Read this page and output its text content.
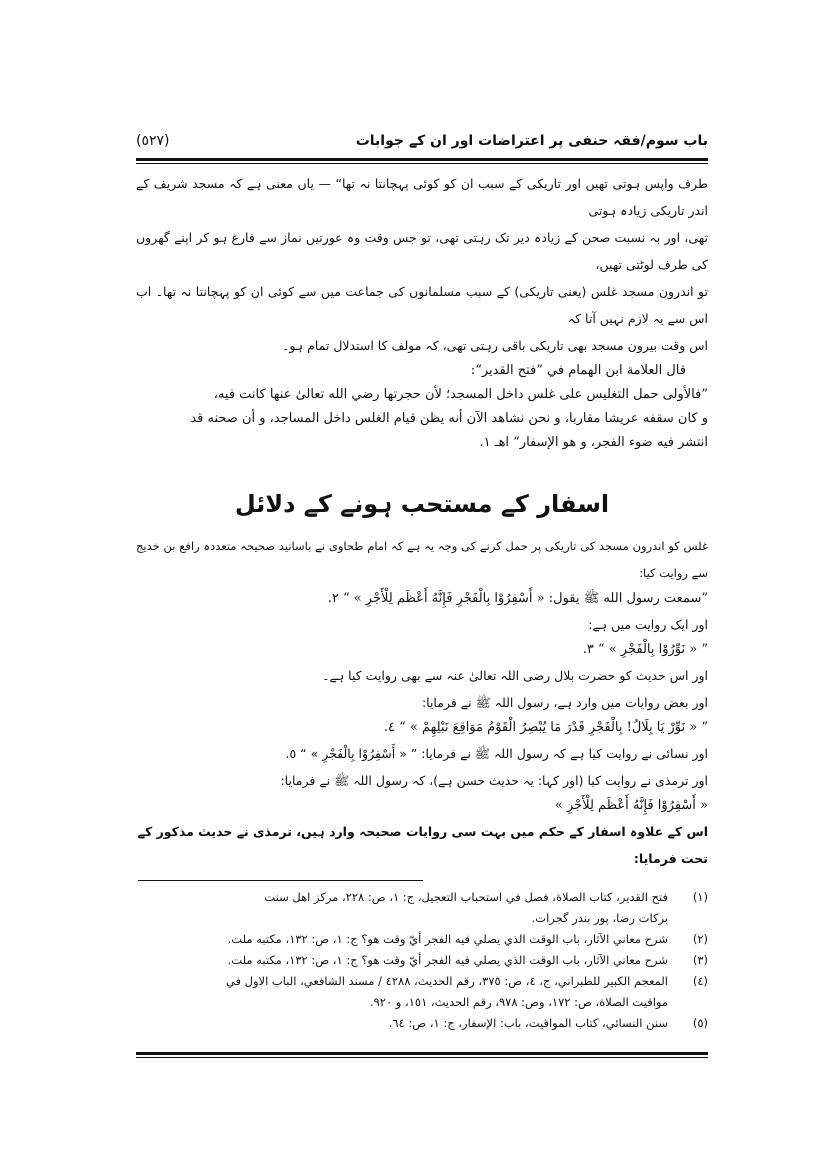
باب سوم/فقہ حنفی پر اعتراضات اور ان کے جوابات
(٥٢٧)
طرف واپس ہوتی تھیں اور تاریکی کے سبب ان کو کوئی پہچانتا نہ تھا“ — یاں معنی ہے کہ مسجد شریف کے اندر تاریکی زیادہ ہوتی
تھی، اور بہ نسبت صحن کے زیادہ دیر تک رہتی تھی، تو جس وقت وہ عورتیں نماز سے فارغ ہو کر اپنے گھروں کی طرف لوٹتی تھیں،
تو اندرون مسجد غلس (یعنی تاریکی) کے سبب مسلمانوں کی جماعت میں سے کوئی ان کو پہچانتا نہ تھا۔ اب اس سے یہ لازم نہیں آتا کہ
اس وقت بیرون مسجد بھی تاریکی باقی رہتی تھی، کہ مولف کا استدلال تمام ہو۔
قال العلامة ابن الهمام في ”فتح القدير“:
”فالأولى حمل التغليس على غلس داخل المسجد؛ لأن حجرتها رضي الله تعالىٰ عنها كانت فيه،
و كان سقفه عريشا مقاربا، و نحن نشاهد الآن أنه يظن قيام الغلس داخل المساجد، و أن صحنه قد
انتشر فيه ضوء الفجر، و هو الإسفار“ اهـ ١.
اسفار کے مستحب ہونے کے دلائل
غلس کو اندرون مسجد کی تاریکی پر حمل کرنے کی وجہ یہ ہے کہ امام طحاوی نے باسانید صحیحہ متعددہ رافع بن خدیج سے روایت کیا:
”سمعت رسول الله ﷺ يقول: « أَسْفِرُوْا بِالْفَجْرِ فَإِنَّهُ أَعْظَم لِلْأَجْرِ » “ ٢.
اور ایک روایت میں ہے:
” « نَوِّرُوْا بِالْفَجْرِ » “ ٣.
اور اس حدیث کو حضرت بلال رضی اللہ تعالیٰ عنہ سے بھی روایت کیا ہے۔
اور بعض روایات میں وارد ہے، رسول اللہ ﷺ نے فرمایا:
” « نَوِّرْ يَا بِلَالُ! بِالْفَجْرِ قَدْرَ مَا يُبْصِرُ الْقَوْمُ مَوَاقِعَ نَبْلِهِمْ » “ ٤.
اور نسائی نے روایت کیا ہے کہ رسول اللہ ﷺ نے فرمایا: ” « أَسْفِرُوْا بِالْفَجْرِ » “ ٥.
اور ترمذی نے روایت کیا (اور کہا: یہ حدیث حسن ہے)، کہ رسول اللہ ﷺ نے فرمایا:
« أَسْفِرُوْا فَإِنَّهُ أَعْظَم لِلْأَجْرِ »
اس کے علاوہ اسفار کے حکم میں بہت سی روایات صحیحہ وارد ہیں، ترمذی نے حدیث مذکور کے تحت فرمایا:
(١)
فتح القدير، كتاب الصلاة، فصل في استحباب التعجيل، ج: ١، ص: ٢٢٨، مركز اهل سنت
بركات رضا، پور بندر گجرات.
(٢)
شرح معاني الآثار، باب الوقت الذي يصلي فيه الفجر أيّ وقت هو؟ ج: ١، ص: ١٣٢، مكتبه ملت.
(٣)
شرح معاني الآثار، باب الوقت الذي يصلي فيه الفجر أيّ وقت هو؟ ج: ١، ص: ١٣٢، مكتبه ملت.
(٤)
المعجم الكبير للطبراني، ج، ٤، ص: ٣٧٥، رقم الحديث، ٤٢٨٨ / مسند الشافعي، الباب الاول في
مواقيت الصلاة، ص: ١٧٢، وص: ٩٧٨، رقم الحديث، ١٥١، و ٩٢٠.
(٥)
سنن النسائي، كتاب المواقيت، باب: الإسفار، ج: ١، ص: ٦٤.
